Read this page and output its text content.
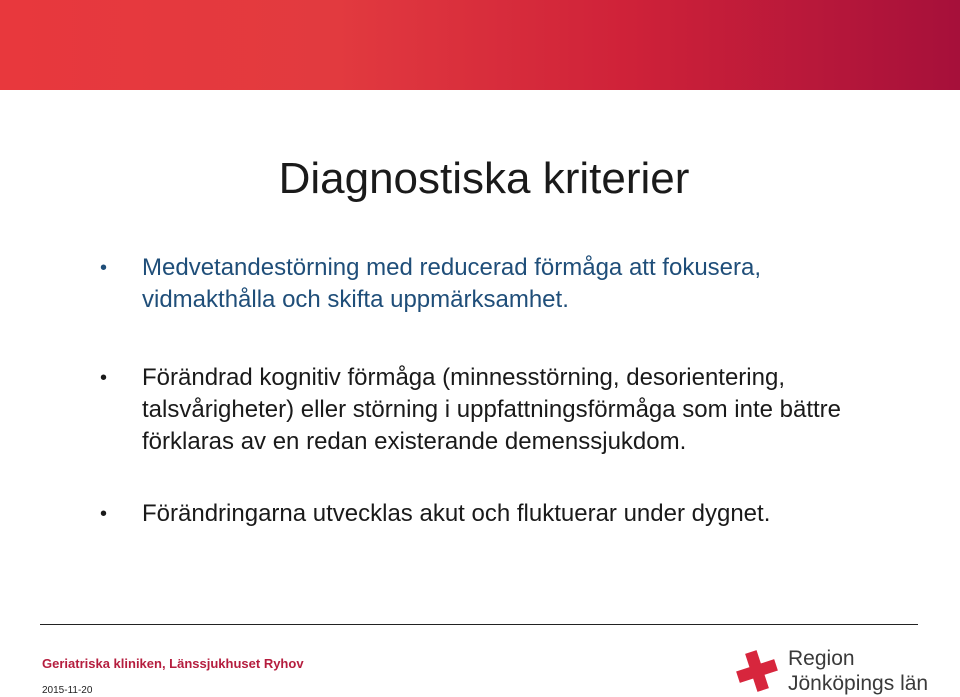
Diagnostiska kriterier
• Medvetandestörning med reducerad förmåga att fokusera, vidmakthålla och skifta uppmärksamhet.
• Förändrad kognitiv förmåga (minnesstörning, desorientering, talsvårigheter) eller störning i uppfattningsförmåga som inte bättre förklaras av en redan existerande demenssjukdom.
• Förändringarna utvecklas akut och fluktuerar under dygnet.
Geriatriska kliniken, Länssjukhuset Ryhov
2015-11-20
Region
Jönköpings län
